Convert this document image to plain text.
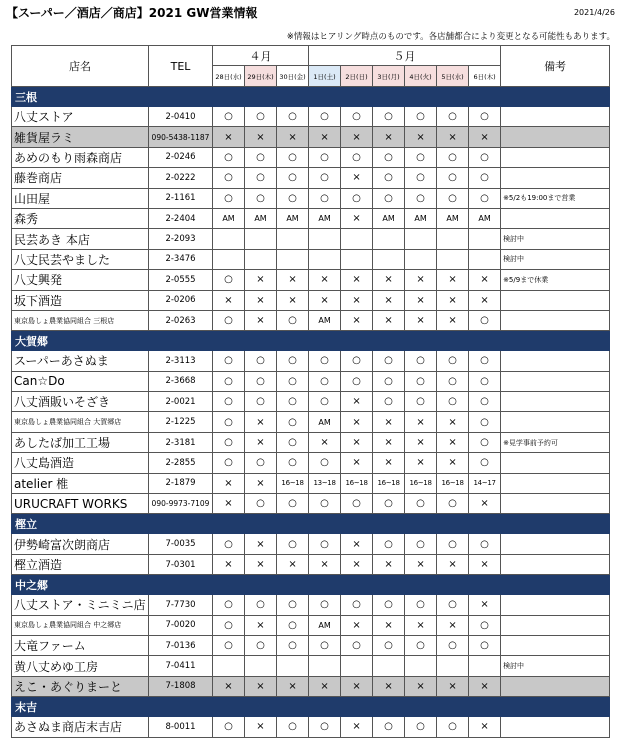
【スーパー／酒店／商店】2021 GW営業情報	2021/4/26
※情報はヒアリング時点のものです。各店舗都合により変更となる可能性もあります。
店名	TEL	４月			５月						備考
		28日(水)	29日(木)	30日(金)	1日(土)	2日(日)	3日(月)	4日(火)	5日(水)	6日(木)	
三根											
八丈ストア	2-0410	○	○	○	○	○	○	○	○	○	
雑貨屋ラミ	090-5438-1187	×	×	×	×	×	×	×	×	×	
あめのもり雨森商店	2-0246	○	○	○	○	○	○	○	○	○	
藤巻商店	2-0222	○	○	○	○	×	○	○	○	○	
山田屋	2-1161	○	○	○	○	○	○	○	○	○	※5/2も19:00まで営業
森秀	2-2404	AM	AM	AM	AM	×	AM	AM	AM	AM	
民芸あき 本店	2-2093										検討中
八丈民芸やました	2-3476										検討中
八丈興発	2-0555	○	×	×	×	×	×	×	×	×	※5/9まで休業
坂下酒造	2-0206	×	×	×	×	×	×	×	×	×	
東京島しょ農業協同組合 三根店	2-0263	○	×	○	AM	×	×	×	×	○	
大賀郷											
スーパーあさぬま	2-3113	○	○	○	○	○	○	○	○	○	
Can☆Do	2-3668	○	○	○	○	○	○	○	○	○	
八丈酒販いそざき	2-0021	○	○	○	○	×	○	○	○	○	
東京島しょ農業協同組合 大賀郷店	2-1225	○	×	○	AM	×	×	×	×	○	
あしたば加工工場	2-3181	○	×	○	×	×	×	×	×	○	※見学事前予約可
八丈島酒造	2-2855	○	○	○	○	×	×	×	×	○	
atelier 椎	2-1879	×	×	16~18	13~18	16~18	16~18	16~18	16~18	14~17	
URUCRAFT WORKS	090-9973-7109	×	○	○	○	○	○	○	○	×	
樫立											
伊勢崎富次朗商店	7-0035	○	×	○	○	×	○	○	○	○	
樫立酒造	7-0301	×	×	×	×	×	×	×	×	×	
中之郷											
八丈ストア・ミニミニ店	7-7730	○	○	○	○	○	○	○	○	×	
東京島しょ農業協同組合 中之郷店	7-0020	○	×	○	AM	×	×	×	×	○	
大竜ファーム	7-0136	○	○	○	○	○	○	○	○	○	
黄八丈めゆ工房	7-0411										検討中
えこ・あぐりまーと	7-1808	×	×	×	×	×	×	×	×	×	
末吉											
あさぬま商店末吉店	8-0011	○	×	○	○	×	○	○	○	×	
